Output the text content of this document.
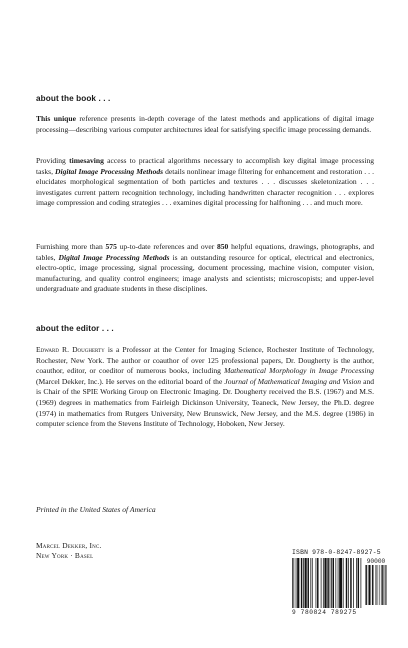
about the book . . .

This unique reference presents in-depth coverage of the latest methods and applications of digital image processing—describing various computer architectures ideal for satisfying specific image processing demands.

Providing timesaving access to practical algorithms necessary to accomplish key digital image processing tasks, Digital Image Processing Methods details nonlinear image filtering for enhancement and restoration . . . elucidates morphological segmentation of both particles and textures . . . discusses skeletonization . . . investigates current pattern recognition technology, including handwritten character recognition . . . explores image compression and coding strategies . . . examines digital processing for halftoning . . . and much more.

Furnishing more than 575 up-to-date references and over 850 helpful equations, drawings, photographs, and tables, Digital Image Processing Methods is an outstanding resource for optical, electrical and electronics, electro-optic, image processing, signal processing, document processing, machine vision, computer vision, manufacturing, and quality control engineers; image analysts and scientists; microscopists; and upper-level undergraduate and graduate students in these disciplines.

about the editor . . .

Edward R. Dougherty is a Professor at the Center for Imaging Science, Rochester Institute of Technology, Rochester, New York. The author or coauthor of over 125 professional papers, Dr. Dougherty is the author, coauthor, editor, or coeditor of numerous books, including Mathematical Morphology in Image Processing (Marcel Dekker, Inc.). He serves on the editorial board of the Journal of Mathematical Imaging and Vision and is Chair of the SPIE Working Group on Electronic Imaging. Dr. Dougherty received the B.S. (1967) and M.S. (1969) degrees in mathematics from Fairleigh Dickinson University, Teaneck, New Jersey, the Ph.D. degree (1974) in mathematics from Rutgers University, New Brunswick, New Jersey, and the M.S. degree (1986) in computer science from the Stevens Institute of Technology, Hoboken, New Jersey.

Printed in the United States of America
Marcel Dekker, Inc.
New York · Basel	ISBN 978-0-8247-8927-5
90000
9 780824 789275
